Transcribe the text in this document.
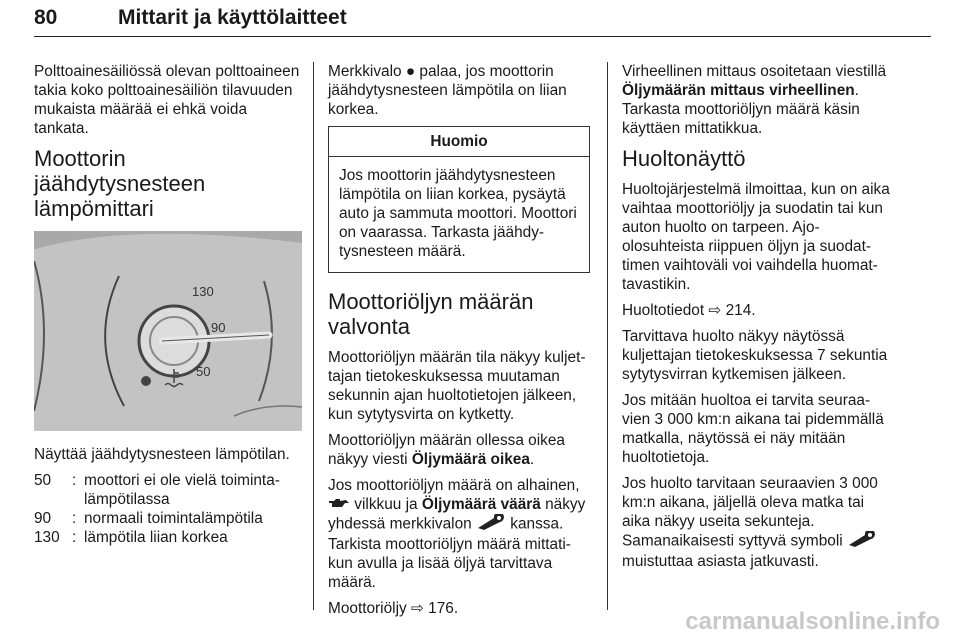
80	Mittarit ja käyttölaitteet

Polttoainesäiliössä olevan polttoaineen takia koko polttoainesäiliön tilavuuden mukaista määrää ei ehkä voida tankata.

Moottorin jäähdytysnesteen lämpömittari
130
90
50

Näyttää jäähdytysnesteen lämpötilan.

50	: moottori ei ole vielä toimintalämpötilassa
90	: normaali toimintalämpötila
130 : lämpötila liian korkea

Merkkivalo ● palaa, jos moottorin jäähdytysnesteen lämpötila on liian korkea.

Huomio
Jos moottorin jäähdytysnesteen lämpötila on liian korkea, pysäytä auto ja sammuta moottori. Moottori on vaarassa. Tarkasta jäähdytysnesteen määrä.
Moottoriöljyn määrän valvonta

Moottoriöljyn määrän tila näkyy kuljettajan tietokeskuksessa muutaman sekunnin ajan huoltotietojen jälkeen, kun sytytysvirta on kytketty.

Moottoriöljyn määrän ollessa oikea näkyy viesti Öljymäärä oikea.

Jos moottoriöljyn määrä on alhainen,  vilkkuu ja Öljymäärä väärä näkyy yhdessä merkkivalon	kanssa. Tarkista moottoriöljyn määrä mittatikun avulla ja lisää öljyä tarvittava määrä.

Moottoriöljy ⇨ 176.

Virheellinen mittaus osoitetaan viestillä Öljymäärän mittaus virheellinen. Tarkasta moottoriöljyn määrä käsin käyttäen mittatikkua.

Huoltonäyttö

Huoltojärjestelmä ilmoittaa, kun on aika vaihtaa moottoriöljy ja suodatin tai kun auton huolto on tarpeen. Ajoolosuhteista riippuen öljyn ja suodattimen vaihtoväli voi vaihdella huomattavastikin.

Huoltotiedot ⇨ 214.

Tarvittava huolto näkyy näytössä kuljettajan tietokeskuksessa 7 sekuntia sytytysvirran kytkemisen jälkeen.

Jos mitään huoltoa ei tarvita seuraavien 3 000 km:n aikana tai pidemmällä matkalla, näytössä ei näy mitään huoltotietoja.

Jos huolto tarvitaan seuraavien 3 000 km:n aikana, jäljellä oleva matka tai aika näkyy useita sekunteja. Samanaikaisesti syttyvä symboli  muistuttaa asiasta jatkuvasti.

carmanualsonline.info
